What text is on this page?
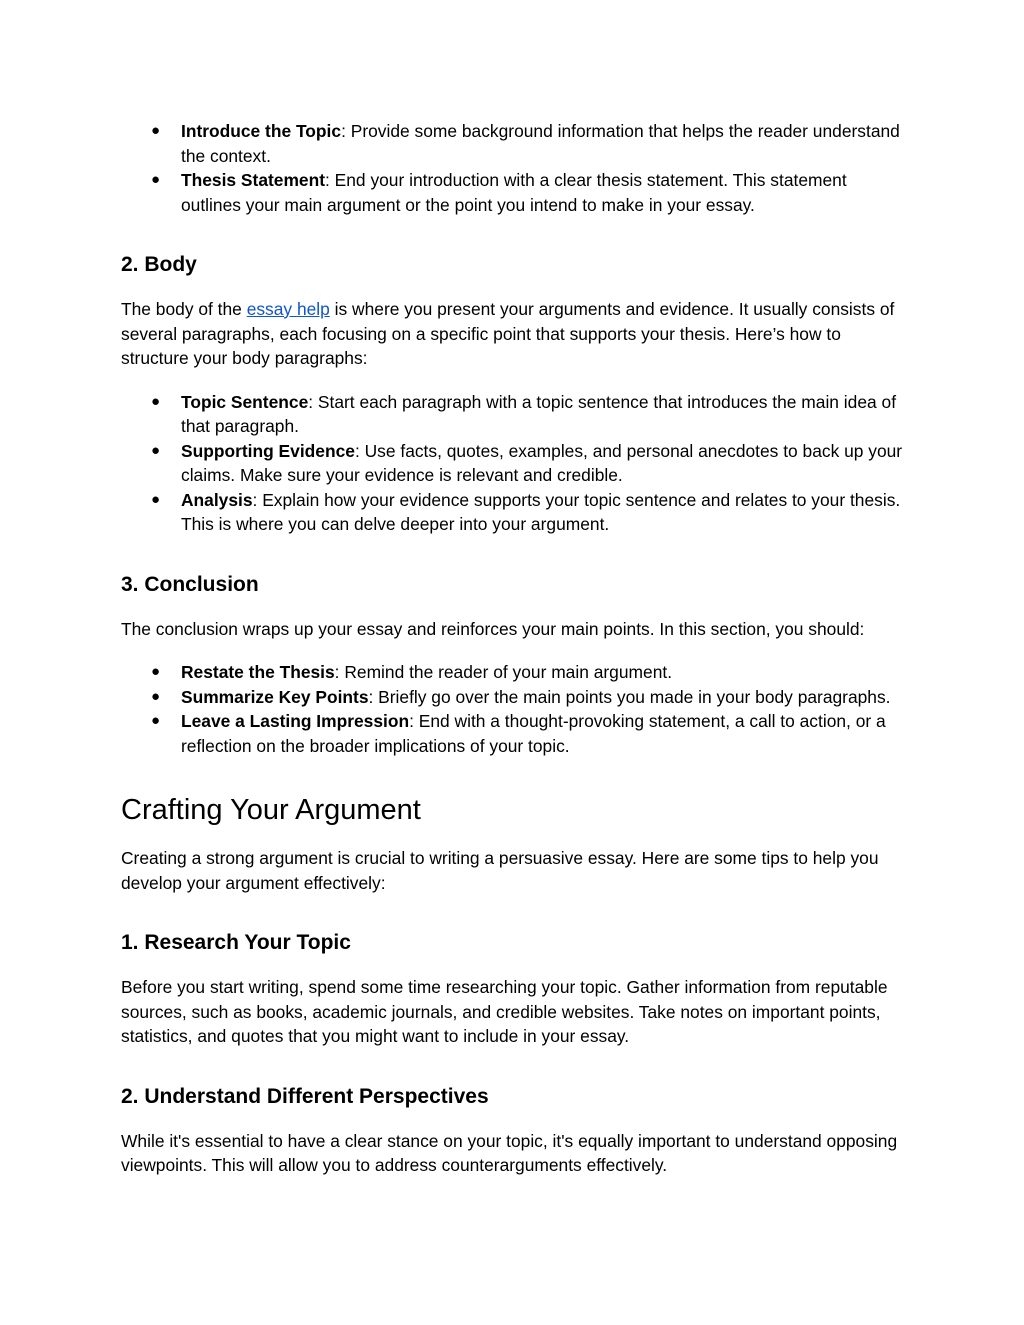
● Introduce the Topic: Provide some background information that helps the reader understand the context.
● Thesis Statement: End your introduction with a clear thesis statement. This statement outlines your main argument or the point you intend to make in your essay.
2. Body

The body of the essay help is where you present your arguments and evidence. It usually consists of several paragraphs, each focusing on a specific point that supports your thesis. Here’s how to structure your body paragraphs:

● Topic Sentence: Start each paragraph with a topic sentence that introduces the main idea of that paragraph.
● Supporting Evidence: Use facts, quotes, examples, and personal anecdotes to back up your claims. Make sure your evidence is relevant and credible.
● Analysis: Explain how your evidence supports your topic sentence and relates to your thesis. This is where you can delve deeper into your argument.
3. Conclusion

The conclusion wraps up your essay and reinforces your main points. In this section, you should:

● Restate the Thesis: Remind the reader of your main argument.
● Summarize Key Points: Briefly go over the main points you made in your body paragraphs.
● Leave a Lasting Impression: End with a thought-provoking statement, a call to action, or a reflection on the broader implications of your topic.
Crafting Your Argument

Creating a strong argument is crucial to writing a persuasive essay. Here are some tips to help you develop your argument effectively:

1. Research Your Topic

Before you start writing, spend some time researching your topic. Gather information from reputable sources, such as books, academic journals, and credible websites. Take notes on important points, statistics, and quotes that you might want to include in your essay.

2. Understand Different Perspectives

While it's essential to have a clear stance on your topic, it's equally important to understand opposing viewpoints. This will allow you to address counterarguments effectively.
